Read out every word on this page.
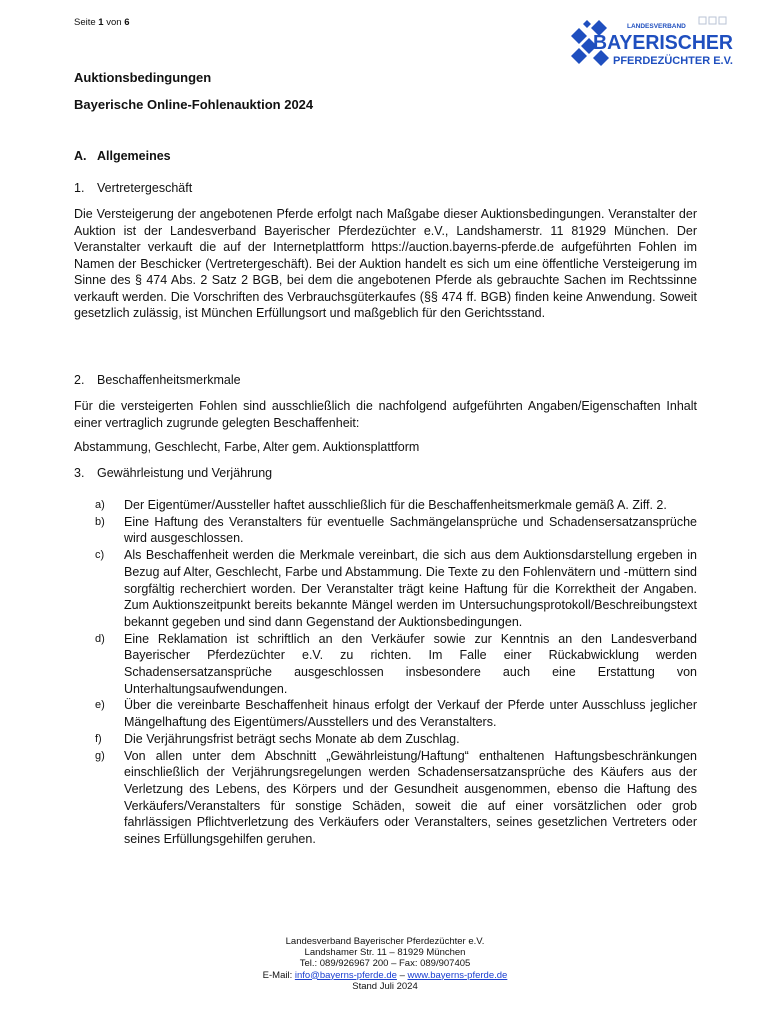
Seite 1 von 6	LANDESVERBAND
BAYERISCHER
PFERDEZÜCHTER E.V.
Auktionsbedingungen
Bayerische Online-Fohlenauktion 2024
A. Allgemeines
1. Vertretergeschäft
Die Versteigerung der angebotenen Pferde erfolgt nach Maßgabe dieser Auktionsbedingungen. Veranstalter der Auktion ist der Landesverband Bayerischer Pferdezüchter e.V., Landshamerstr. 11 81929 München. Der Veranstalter verkauft die auf der Internetplattform https://auction.bayerns-pferde.de aufgeführten Fohlen im Namen der Beschicker (Vertretergeschäft). Bei der Auktion handelt es sich um eine öffentliche Versteigerung im Sinne des § 474 Abs. 2 Satz 2 BGB, bei dem die angebotenen Pferde als gebrauchte Sachen im Rechtssinne verkauft werden. Die Vorschriften des Verbrauchsgüterkaufes (§§ 474 ff. BGB) finden keine Anwendung. Soweit gesetzlich zulässig, ist München Erfüllungsort und maßgeblich für den Gerichtsstand.
2. Beschaffenheitsmerkmale
Für die versteigerten Fohlen sind ausschließlich die nachfolgend aufgeführten Angaben/Eigenschaften Inhalt einer vertraglich zugrunde gelegten Beschaffenheit:
Abstammung, Geschlecht, Farbe, Alter gem. Auktionsplattform
3. Gewährleistung und Verjährung
a) Der Eigentümer/Aussteller haftet ausschließlich für die Beschaffenheitsmerkmale gemäß A. Ziff. 2.
b) Eine Haftung des Veranstalters für eventuelle Sachmängelansprüche und Schadensersatzansprüche wird ausgeschlossen.
c) Als Beschaffenheit werden die Merkmale vereinbart, die sich aus dem Auktionsdarstellung ergeben in Bezug auf Alter, Geschlecht, Farbe und Abstammung. Die Texte zu den Fohlenvätern und -müttern sind sorgfältig recherchiert worden. Der Veranstalter trägt keine Haftung für die Korrektheit der Angaben. Zum Auktionszeitpunkt bereits bekannte Mängel werden im Untersuchungsprotokoll/Beschreibungstext bekannt gegeben und sind dann Gegenstand der Auktionsbedingungen.
d) Eine Reklamation ist schriftlich an den Verkäufer sowie zur Kenntnis an den Landesverband Bayerischer Pferdezüchter e.V. zu richten. Im Falle einer Rückabwicklung werden Schadensersatzansprüche ausgeschlossen insbesondere auch eine Erstattung von Unterhaltungsaufwendungen.
e) Über die vereinbarte Beschaffenheit hinaus erfolgt der Verkauf der Pferde unter Ausschluss jeglicher Mängelhaftung des Eigentümers/Ausstellers und des Veranstalters.
f) Die Verjährungsfrist beträgt sechs Monate ab dem Zuschlag.
g) Von allen unter dem Abschnitt „Gewährleistung/Haftung“ enthaltenen Haftungsbeschränkungen einschließlich der Verjährungsregelungen werden Schadensersatzansprüche des Käufers aus der Verletzung des Lebens, des Körpers und der Gesundheit ausgenommen, ebenso die Haftung des Verkäufers/Veranstalters für sonstige Schäden, soweit die auf einer vorsätzlichen oder grob fahrlässigen Pflichtverletzung des Verkäufers oder Veranstalters, seines gesetzlichen Vertreters oder seines Erfüllungsgehilfen geruhen.
Landesverband Bayerischer Pferdezüchter e.V.
Landshamer Str. 11 – 81929 München
Tel.: 089/926967 200 – Fax: 089/907405
E-Mail: info@bayerns-pferde.de – www.bayerns-pferde.de
Stand Juli 2024
